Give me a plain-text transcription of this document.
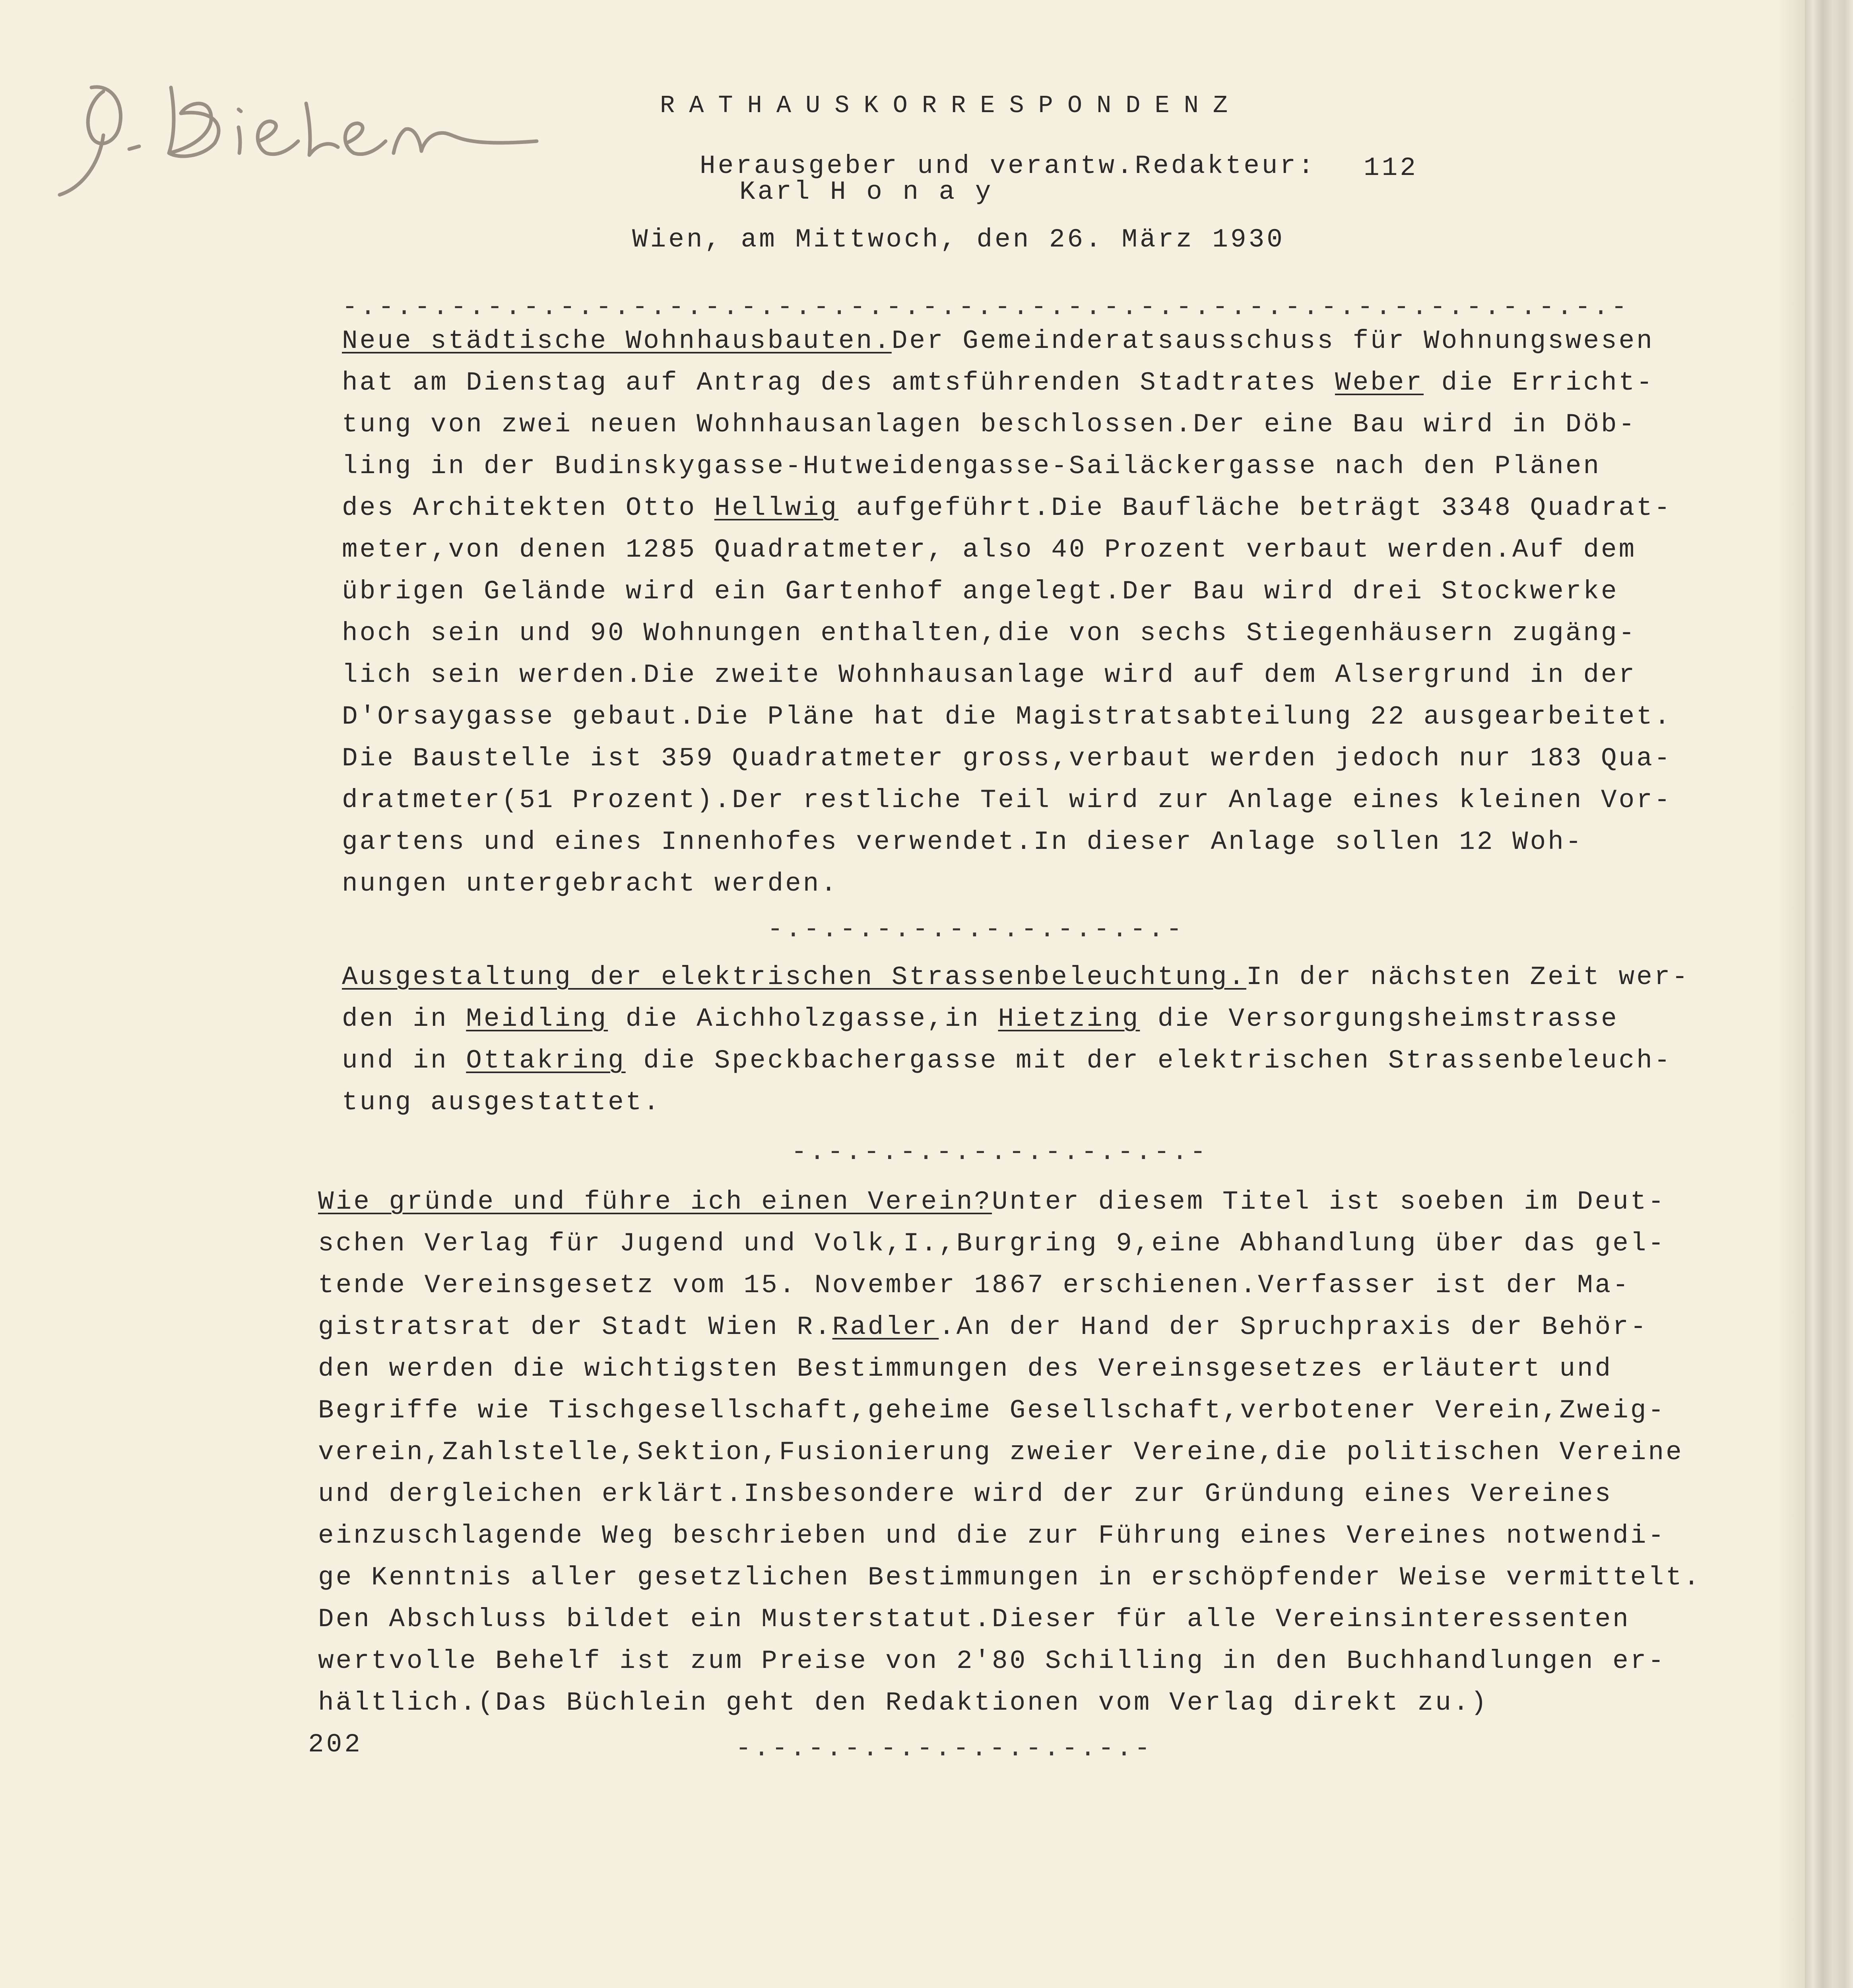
J. Bielen
RATHAUSKORRESPONDENZ
Herausgeber und verantw.Redakteur:
Karl H o n a y
112
Wien, am Mittwoch, den 26. März 1930
-.-.-.-.-.-.-.-.-.-.-.-.-.-.-.-.-.-.-.-.-.-.-.-.-.-.-.-.-.-.-.-.-.-.-.-
Neue städtische Wohnhausbauten.Der Gemeinderatsausschuss für Wohnungswesen
hat am Dienstag auf Antrag des amtsführenden Stadtrates Weber die Erricht-
tung von zwei neuen Wohnhausanlagen beschlossen.Der eine Bau wird in Döb-
ling in der Budinskygasse-Hutweidengasse-Sailäckergasse nach den Plänen
des Architekten Otto Hellwig aufgeführt.Die Baufläche beträgt 3348 Quadrat-
meter,von denen 1285 Quadratmeter, also 40 Prozent verbaut werden.Auf dem
übrigen Gelände wird ein Gartenhof angelegt.Der Bau wird drei Stockwerke
hoch sein und 90 Wohnungen enthalten,die von sechs Stiegenhäusern zugäng-
lich sein werden.Die zweite Wohnhausanlage wird auf dem Alsergrund in der
D'Orsaygasse gebaut.Die Pläne hat die Magistratsabteilung 22 ausgearbeitet.
Die Baustelle ist 359 Quadratmeter gross,verbaut werden jedoch nur 183 Qua-
dratmeter(51 Prozent).Der restliche Teil wird zur Anlage eines kleinen Vor-
gartens und eines Innenhofes verwendet.In dieser Anlage sollen 12 Woh-
nungen untergebracht werden.
-.-.-.-.-.-.-.-.-.-.-.-
Ausgestaltung der elektrischen Strassenbeleuchtung.In der nächsten Zeit wer-
den in Meidling die Aichholzgasse,in Hietzing die Versorgungsheimstrasse
und in Ottakring die Speckbachergasse mit der elektrischen Strassenbeleuch-
tung ausgestattet.
-.-.-.-.-.-.-.-.-.-.-.-
Wie gründe und führe ich einen Verein?Unter diesem Titel ist soeben im Deut-
schen Verlag für Jugend und Volk,I.,Burgring 9,eine Abhandlung über das gel-
tende Vereinsgesetz vom 15. November 1867 erschienen.Verfasser ist der Ma-
gistratsrat der Stadt Wien R.Radler.An der Hand der Spruchpraxis der Behör-
den werden die wichtigsten Bestimmungen des Vereinsgesetzes erläutert und
Begriffe wie Tischgesellschaft,geheime Gesellschaft,verbotener Verein,Zweig-
verein,Zahlstelle,Sektion,Fusionierung zweier Vereine,die politischen Vereine
und dergleichen erklärt.Insbesondere wird der zur Gründung eines Vereines
einzuschlagende Weg beschrieben und die zur Führung eines Vereines notwendi-
ge Kenntnis aller gesetzlichen Bestimmungen in erschöpfender Weise vermittelt.
Den Abschluss bildet ein Musterstatut.Dieser für alle Vereinsinteressenten
wertvolle Behelf ist zum Preise von 2'80 Schilling in den Buchhandlungen er-
hältlich.(Das Büchlein geht den Redaktionen vom Verlag direkt zu.)
202	-.-.-.-.-.-.-.-.-.-.-.-
